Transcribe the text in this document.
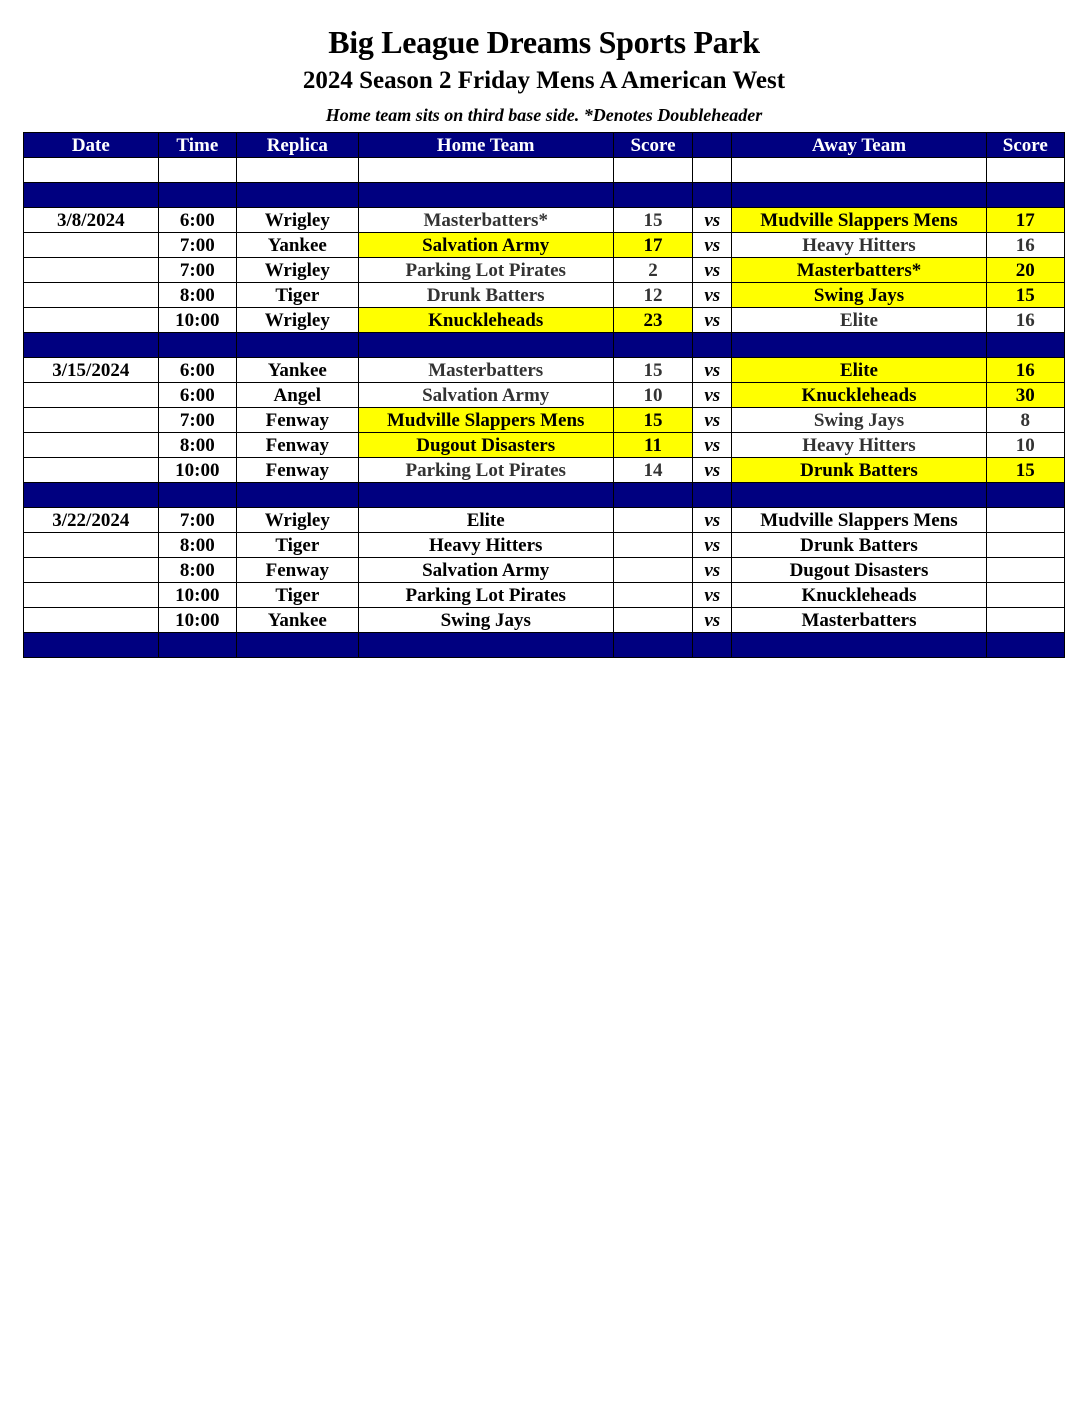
Big League Dreams Sports Park
2024 Season 2 Friday Mens A American West
Home team sits on third base side. *Denotes Doubleheader
Date	Time	Replica	Home Team	Score		Away Team	Score

3/8/2024	6:00	Wrigley	Masterbatters*	15	vs	Mudville Slappers Mens	17
	7:00	Yankee	Salvation Army	17	vs	Heavy Hitters	16
	7:00	Wrigley	Parking Lot Pirates	2	vs	Masterbatters*	20
	8:00	Tiger	Drunk Batters	12	vs	Swing Jays	15
	10:00	Wrigley	Knuckleheads	23	vs	Elite	16

3/15/2024	6:00	Yankee	Masterbatters	15	vs	Elite	16
	6:00	Angel	Salvation Army	10	vs	Knuckleheads	30
	7:00	Fenway	Mudville Slappers Mens	15	vs	Swing Jays	8
	8:00	Fenway	Dugout Disasters	11	vs	Heavy Hitters	10
	10:00	Fenway	Parking Lot Pirates	14	vs	Drunk Batters	15

3/22/2024	7:00	Wrigley	Elite		vs	Mudville Slappers Mens	
	8:00	Tiger	Heavy Hitters		vs	Drunk Batters	
	8:00	Fenway	Salvation Army		vs	Dugout Disasters	
	10:00	Tiger	Parking Lot Pirates		vs	Knuckleheads	
	10:00	Yankee	Swing Jays		vs	Masterbatters	
